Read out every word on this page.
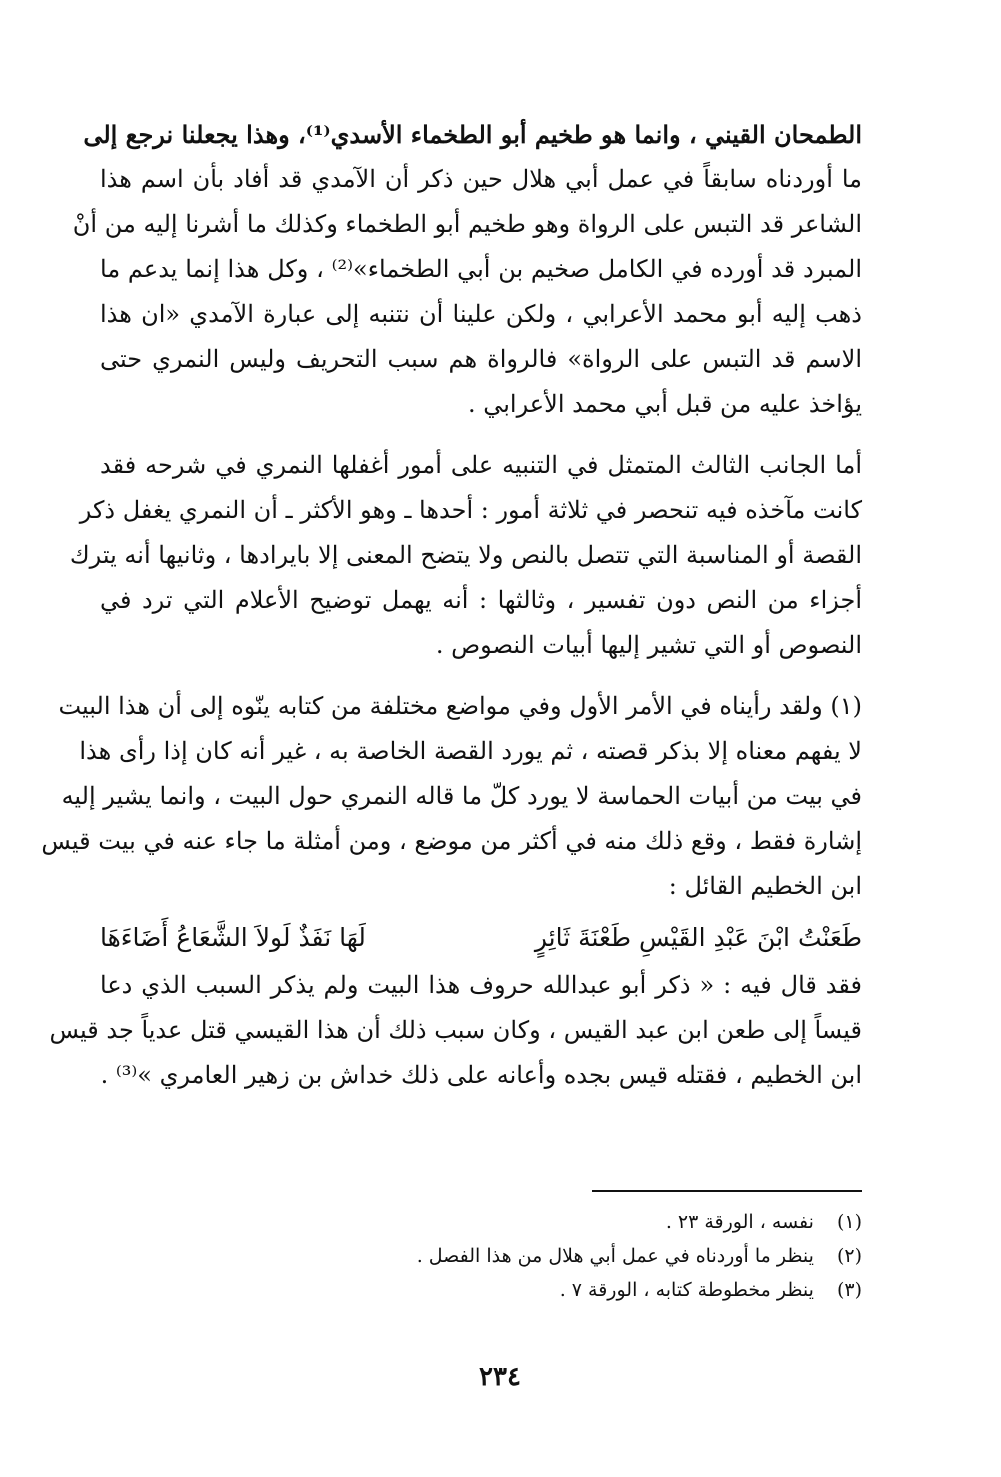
الطمحان القيني ، وانما هو طخيم أبو الطخماء الأسدي⁽¹⁾، وهذا يجعلنا نرجع إلى
ما أوردناه سابقاً في عمل أبي هلال حين ذكر أن الآمدي قد أفاد بأن اسم هذا
الشاعر قد التبس على الرواة وهو طخيم أبو الطخماء وكذلك ما أشرنا إليه من أنْ
المبرد قد أورده في الكامل صخيم بن أبي الطخماء»⁽²⁾ ، وكل هذا إنما يدعم ما
ذهب إليه أبو محمد الأعرابي ، ولكن علينا أن نتنبه إلى عبارة الآمدي «ان هذا
الاسم قد التبس على الرواة» فالرواة هم سبب التحريف وليس النمري حتى
يؤاخذ عليه من قبل أبي محمد الأعرابي .
أما الجانب الثالث المتمثل في التنبيه على أمور أغفلها النمري في شرحه فقد
كانت مآخذه فيه تنحصر في ثلاثة أمور : أحدها ـ وهو الأكثر ـ أن النمري يغفل ذكر
القصة أو المناسبة التي تتصل بالنص ولا يتضح المعنى إلا بايرادها ، وثانيها أنه يترك
أجزاء من النص دون تفسير ، وثالثها : أنه يهمل توضيح الأعلام التي ترد في
النصوص أو التي تشير إليها أبيات النصوص .
(١) ولقد رأيناه في الأمر الأول وفي مواضع مختلفة من كتابه ينّوه إلى أن هذا البيت
لا يفهم معناه إلا بذكر قصته ، ثم يورد القصة الخاصة به ، غير أنه كان إذا رأى هذا
في بيت من أبيات الحماسة لا يورد كلّ ما قاله النمري حول البيت ، وانما يشير إليه
إشارة فقط ، وقع ذلك منه في أكثر من موضع ، ومن أمثلة ما جاء عنه في بيت قيس
ابن الخطيم القائل :
طَعَنْتُ ابْنَ عَبْدِ القَيْسِ طَعْنَةَ ثَائِرٍ
لَهَا نَفَذٌ لَولاَ الشَّعَاعُ أَضَاءَهَا
فقد قال فيه : « ذكر أبو عبدالله حروف هذا البيت ولم يذكر السبب الذي دعا
قيساً إلى طعن ابن عبد القيس ، وكان سبب ذلك أن هذا القيسي قتل عدياً جد قيس
ابن الخطيم ، فقتله قيس بجده وأعانه على ذلك خداش بن زهير العامري »⁽³⁾ .
(١) نفسه ، الورقة ٢٣ .
(٢) ينظر ما أوردناه في عمل أبي هلال من هذا الفصل .
(٣) ينظر مخطوطة كتابه ، الورقة ٧ .
٢٣٤
